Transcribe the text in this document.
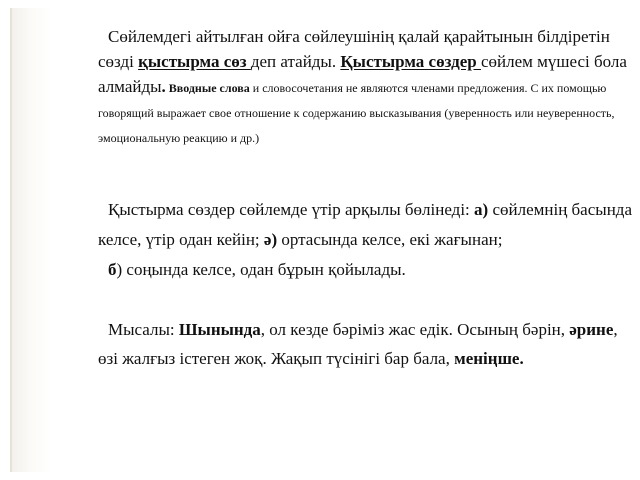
Сөйлемдегі айтылған ойға сөйлеушінің қалай қарайтынын білдіретін сөзді қыстырма сөз деп атайды. Қыстырма сөздер сөйлем мүшесі бола алмайды. Вводные слова и словосочетания не являются членами предложения. С их помощью говорящий выражает свое отношение к содержанию высказывания (уверенность или неуверенность, эмоциональную реакцию и др.)

Қыстырма сөздер сөйлемде үтір арқылы бөлінеді: а) сөйлемнің басында келсе, үтір одан кейін; ә) ортасында келсе, екі жағынан;
б) соңында келсе, одан бұрын қойылады.

Мысалы: Шынында, ол кезде бәріміз жас едік. Осының бәрін, әрине, өзі жалғыз істеген жоқ. Жақып түсінігі бар бала, меніңше.
